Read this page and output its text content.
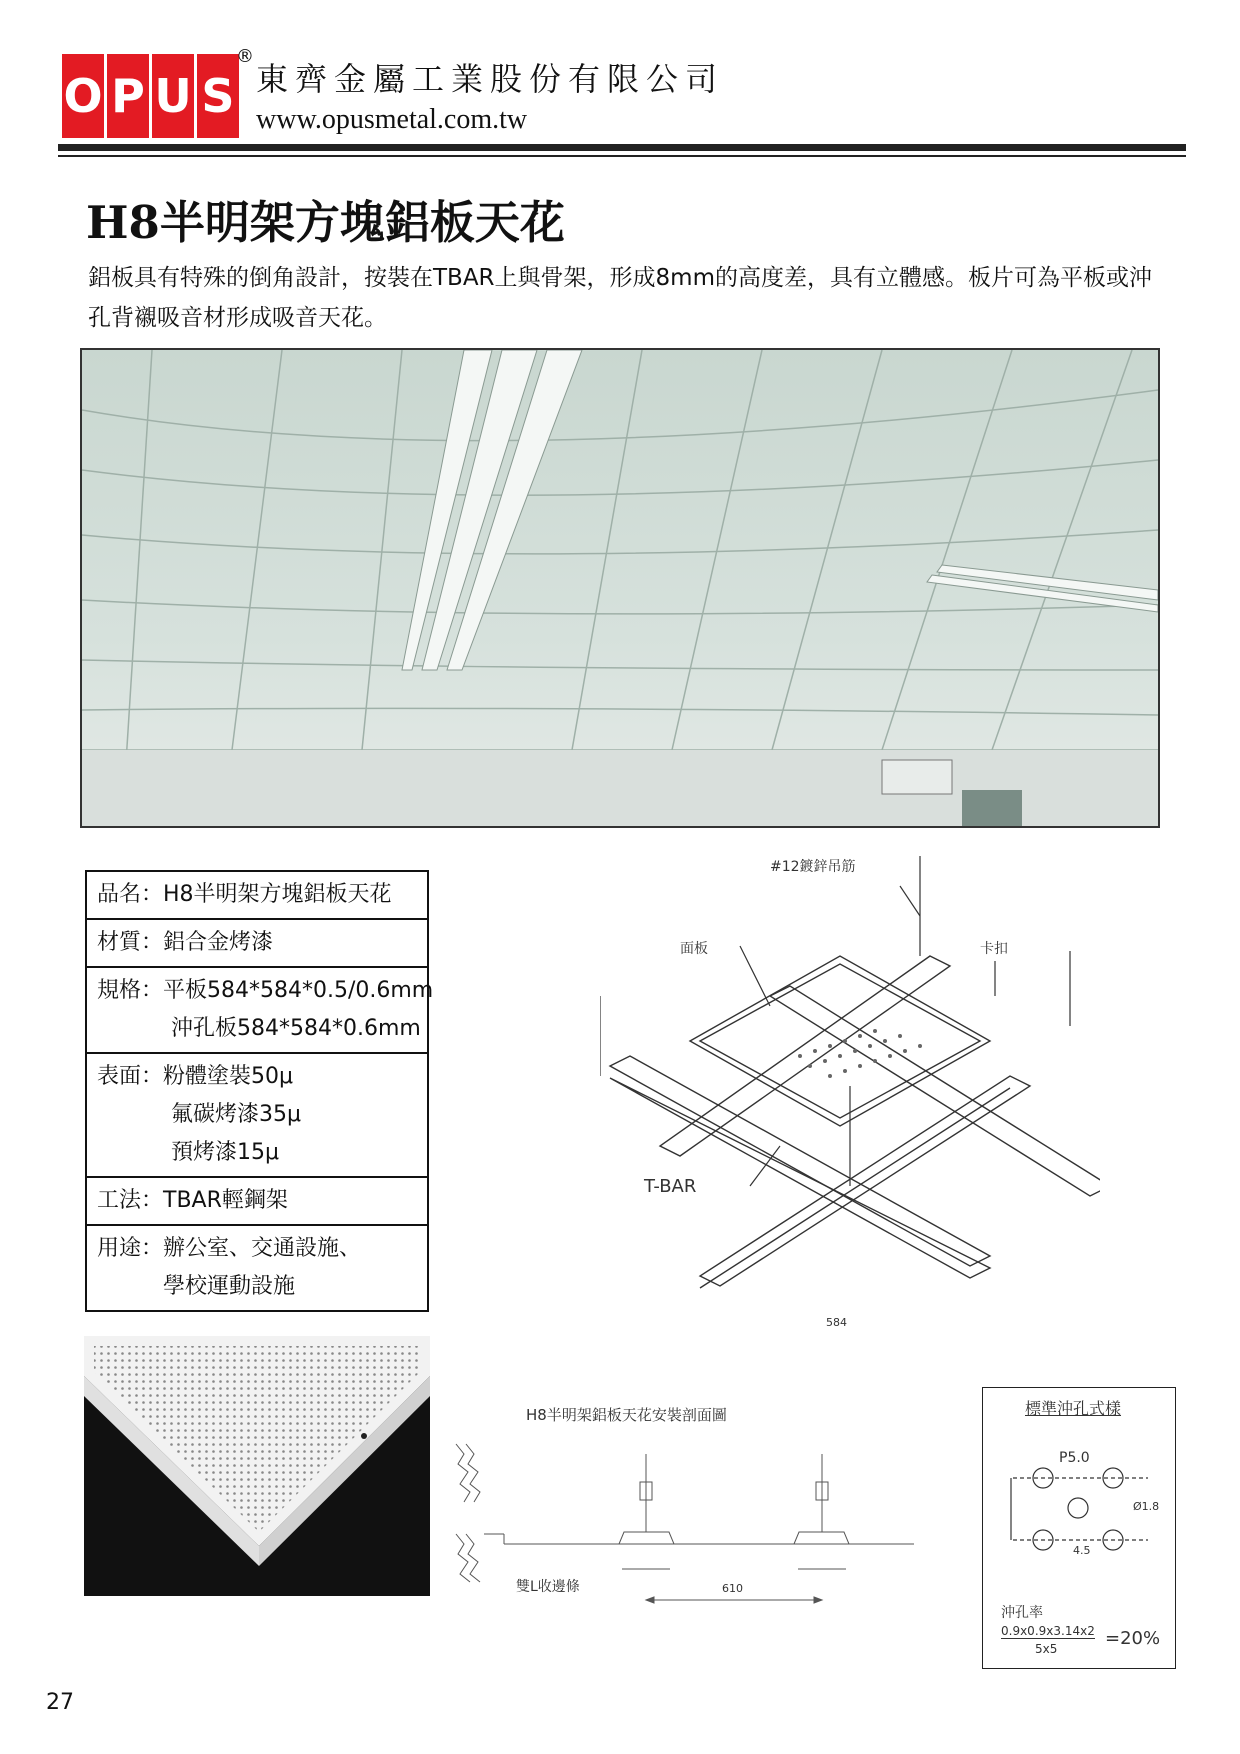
O P U S
®
東齊金屬工業股份有限公司
www.opusmetal.com.tw
H8半明架方塊鋁板天花
鋁板具有特殊的倒角設計，按裝在TBAR上與骨架，形成8mm的高度差，具有立體感。板片可為平板或沖孔背襯吸音材形成吸音天花。
品名：H8半明架方塊鋁板天花
材質：鋁合金烤漆
規格：平板584*584*0.5/0.6mm
沖孔板584*584*0.6mm
表面：粉體塗裝50μ
氟碳烤漆35μ
預烤漆15μ
工法：TBAR輕鋼架
用途：辦公室、交通設施、
學校運動設施
#12鍍鋅吊筋
面板	卡扣
T-BAR
584
H8半明架鋁板天花安裝剖面圖
雙L收邊條	610
標準沖孔式樣
P5.0
Ø1.8
4.5
沖孔率
0.9x0.9x3.14x2
5x5	=20%
27
